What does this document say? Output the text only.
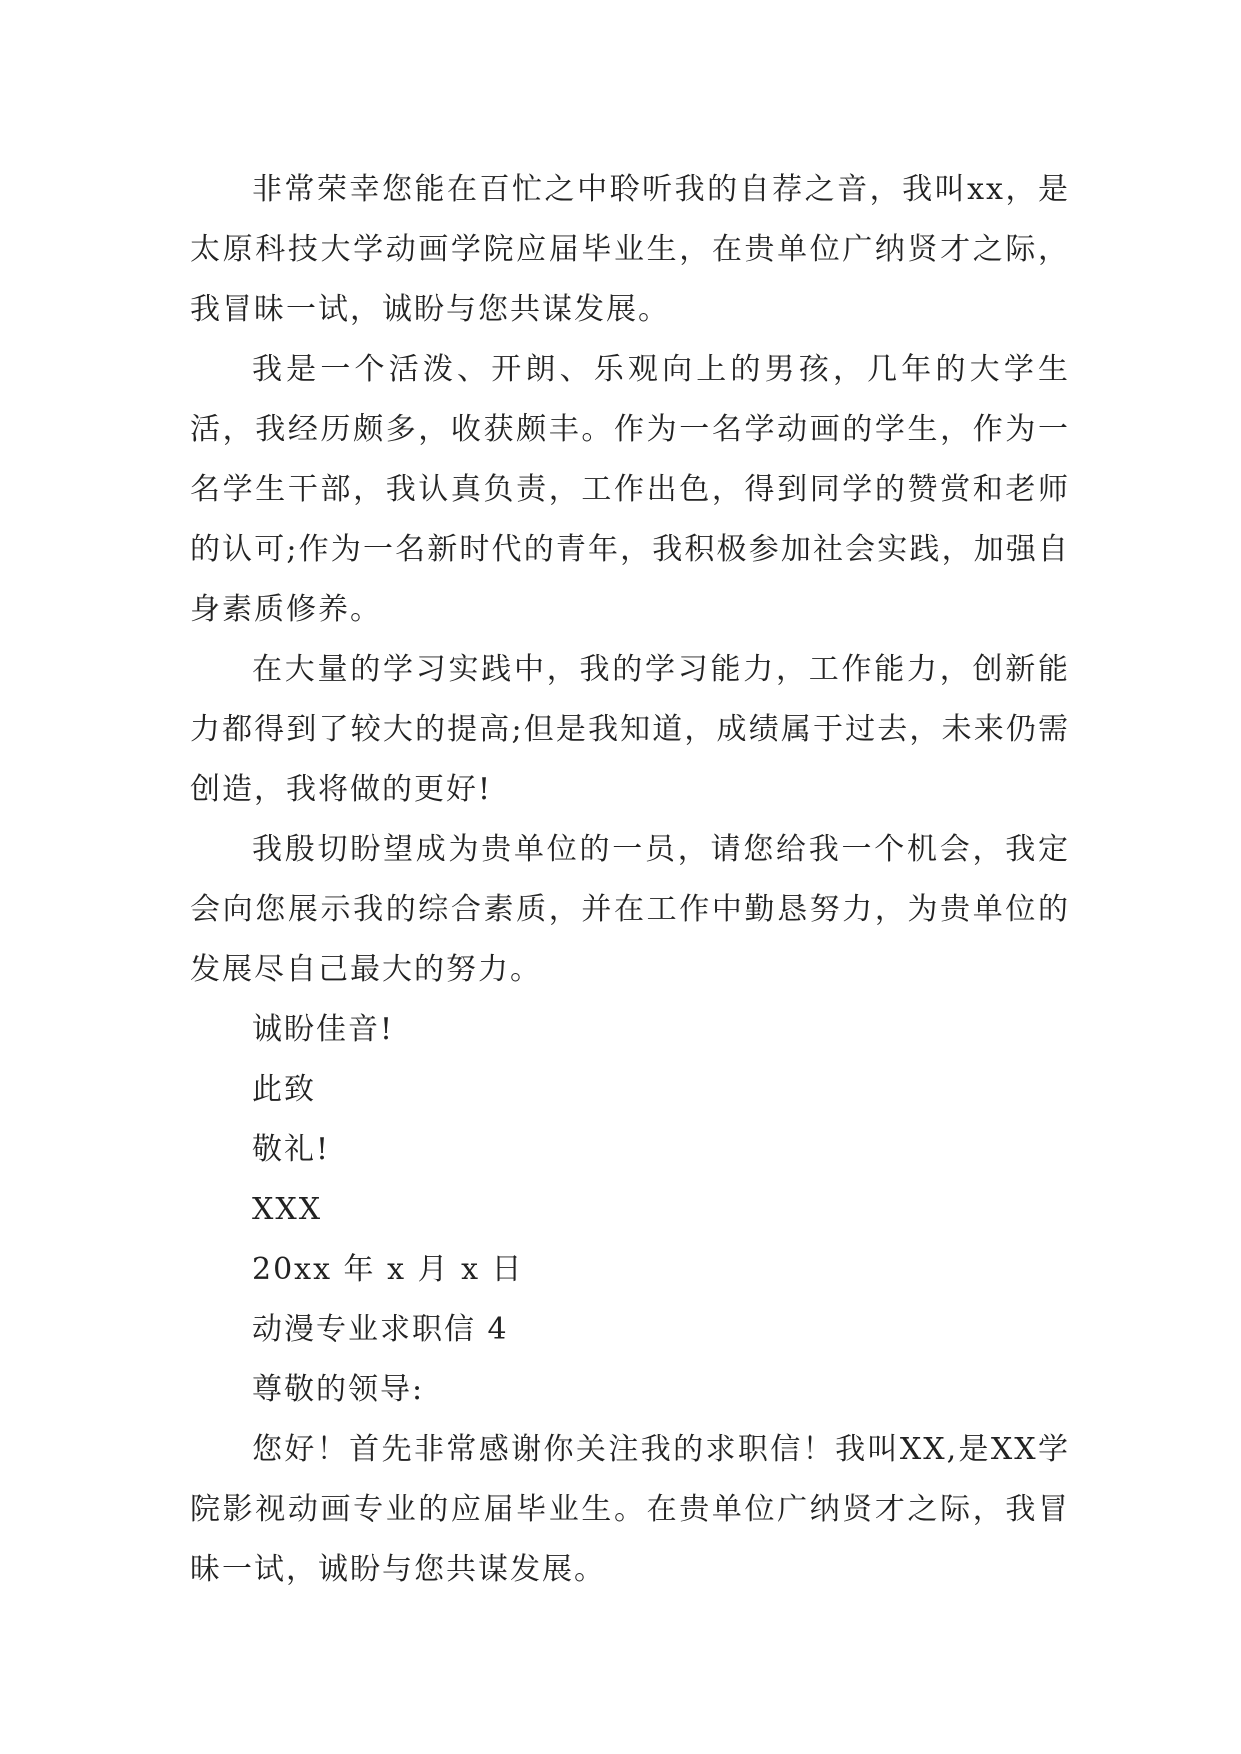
非常荣幸您能在百忙之中聆听我的自荐之音，我叫xx，是太原科技大学动画学院应届毕业生，在贵单位广纳贤才之际，我冒昧一试，诚盼与您共谋发展。

我是一个活泼、开朗、乐观向上的男孩，几年的大学生活，我经历颇多，收获颇丰。作为一名学动画的学生，作为一名学生干部，我认真负责，工作出色，得到同学的赞赏和老师的认可;作为一名新时代的青年，我积极参加社会实践，加强自身素质修养。

在大量的学习实践中，我的学习能力，工作能力，创新能力都得到了较大的提高;但是我知道，成绩属于过去，未来仍需创造，我将做的更好!

我殷切盼望成为贵单位的一员，请您给我一个机会，我定会向您展示我的综合素质，并在工作中勤恳努力，为贵单位的发展尽自己最大的努力。

诚盼佳音!

此致

敬礼!

XXX

20xx 年 x 月 x 日

动漫专业求职信 4

尊敬的领导:

您好！首先非常感谢你关注我的求职信！我叫XX,是XX学院影视动画专业的应届毕业生。在贵单位广纳贤才之际，我冒昧一试，诚盼与您共谋发展。
